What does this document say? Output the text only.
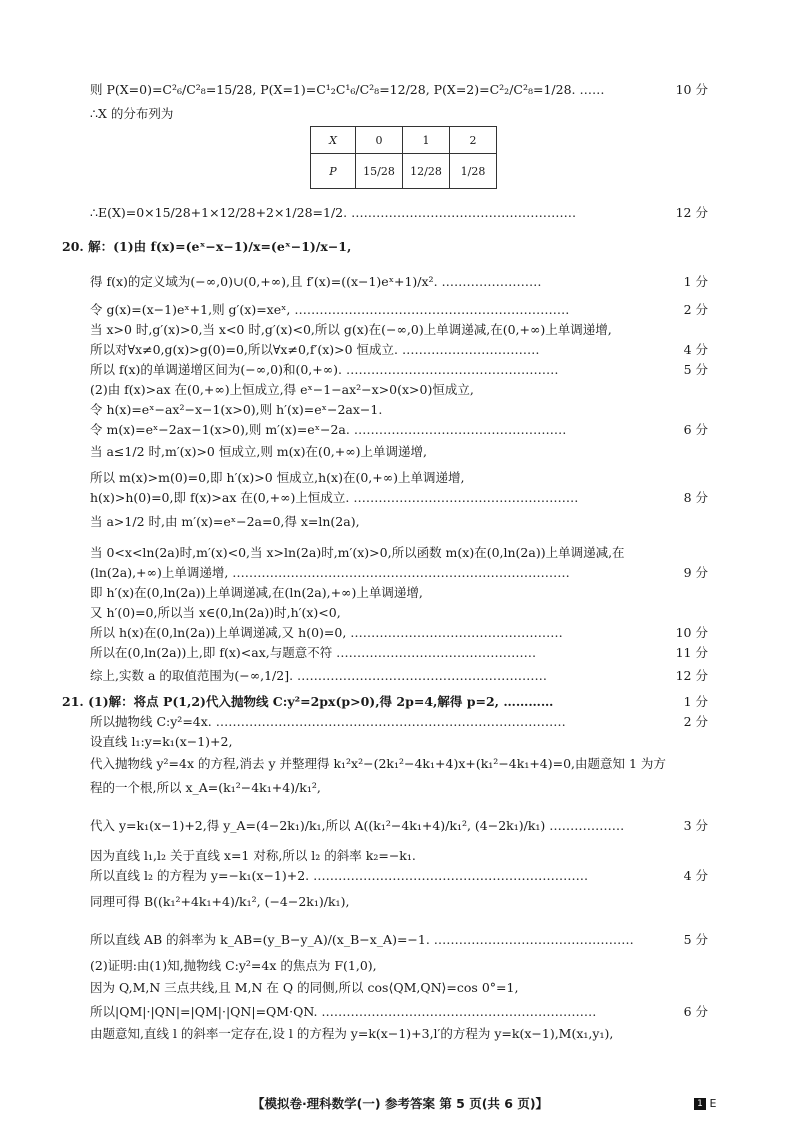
则 P(X=0)=C²₆/C²₈=15/28, P(X=1)=C¹₂C¹₆/C²₈=12/28, P(X=2)=C²₂/C²₈=1/28. ……	10 分
∴X 的分布列为
X	0	1	2
P	15/28	12/28	1/28
∴E(X)=0×15/28+1×12/28+2×1/28=1/2. ………………………………………………	12 分
20. 解：(1)由 f(x)=(eˣ−x−1)/x=(eˣ−1)/x−1,
得 f(x)的定义域为(−∞,0)∪(0,+∞),且 f′(x)=((x−1)eˣ+1)/x². ……………………	1 分
令 g(x)=(x−1)eˣ+1,则 g′(x)=xeˣ, …………………………………………………………	2 分
当 x>0 时,g′(x)>0,当 x<0 时,g′(x)<0,所以 g(x)在(−∞,0)上单调递减,在(0,+∞)上单调递增,
所以对∀x≠0,g(x)>g(0)=0,所以∀x≠0,f′(x)>0 恒成立. ……………………………	4 分
所以 f(x)的单调递增区间为(−∞,0)和(0,+∞). ……………………………………………	5 分
(2)由 f(x)>ax 在(0,+∞)上恒成立,得 eˣ−1−ax²−x>0(x>0)恒成立,
令 h(x)=eˣ−ax²−x−1(x>0),则 h′(x)=eˣ−2ax−1.
令 m(x)=eˣ−2ax−1(x>0),则 m′(x)=eˣ−2a. ……………………………………………	6 分
当 a≤1/2 时,m′(x)>0 恒成立,则 m(x)在(0,+∞)上单调递增,
所以 m(x)>m(0)=0,即 h′(x)>0 恒成立,h(x)在(0,+∞)上单调递增,
h(x)>h(0)=0,即 f(x)>ax 在(0,+∞)上恒成立. ………………………………………………	8 分
当 a>1/2 时,由 m′(x)=eˣ−2a=0,得 x=ln(2a),
当 0<x<ln(2a)时,m′(x)<0,当 x>ln(2a)时,m′(x)>0,所以函数 m(x)在(0,ln(2a))上单调递减,在
(ln(2a),+∞)上单调递增, ………………………………………………………………………	9 分
即 h′(x)在(0,ln(2a))上单调递减,在(ln(2a),+∞)上单调递增,
又 h′(0)=0,所以当 x∈(0,ln(2a))时,h′(x)<0,
所以 h(x)在(0,ln(2a))上单调递减,又 h(0)=0, ……………………………………………	10 分
所以在(0,ln(2a))上,即 f(x)<ax,与题意不符 …………………………………………	11 分
综上,实数 a 的取值范围为(−∞,1/2]. ……………………………………………………	12 分
21. (1)解：将点 P(1,2)代入抛物线 C:y²=2px(p>0),得 2p=4,解得 p=2, …………	1 分
所以抛物线 C:y²=4x. …………………………………………………………………………	2 分
设直线 l₁:y=k₁(x−1)+2,
代入抛物线 y²=4x 的方程,消去 y 并整理得 k₁²x²−(2k₁²−4k₁+4)x+(k₁²−4k₁+4)=0,由题意知 1 为方
程的一个根,所以 x_A=(k₁²−4k₁+4)/k₁²,
代入 y=k₁(x−1)+2,得 y_A=(4−2k₁)/k₁,所以 A((k₁²−4k₁+4)/k₁², (4−2k₁)/k₁) ………………	3 分
因为直线 l₁,l₂ 关于直线 x=1 对称,所以 l₂ 的斜率 k₂=−k₁.
所以直线 l₂ 的方程为 y=−k₁(x−1)+2. …………………………………………………………	4 分
同理可得 B((k₁²+4k₁+4)/k₁², (−4−2k₁)/k₁),
所以直线 AB 的斜率为 k_AB=(y_B−y_A)/(x_B−x_A)=−1. …………………………………………	5 分
(2)证明:由(1)知,抛物线 C:y²=4x 的焦点为 F(1,0),
因为 Q,M,N 三点共线,且 M,N 在 Q 的同侧,所以 cos⟨QM,QN⟩=cos 0°=1,
所以|QM|·|QN|=|QM|·|QN|=QM·QN. …………………………………………………………	6 分
由题意知,直线 l 的斜率一定存在,设 l 的方程为 y=k(x−1)+3,l′的方程为 y=k(x−1),M(x₁,y₁),
【模拟卷·理科数学(一) 参考答案 第 5 页(共 6 页)】	1 E
